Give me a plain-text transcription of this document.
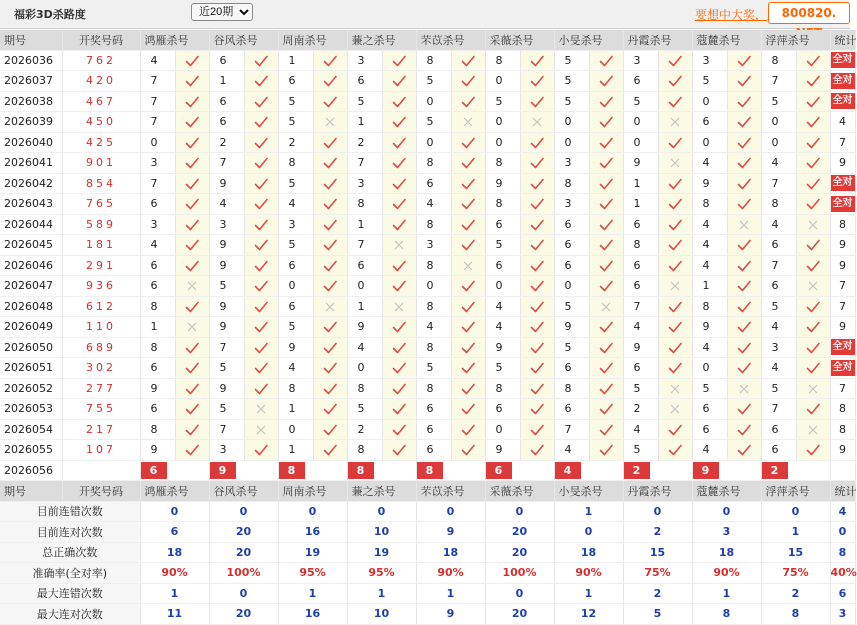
福彩3D杀路度
近20期	要想中大奖，	800820.
期号	开奖号码	鸿雁杀号		谷风杀号		周南杀号		蒹之杀号		芣苡杀号		采薇杀号		小旻杀号		丹霞杀号		蔻麓杀号		浮萍杀号		统计
2026036	762	4		6		1		3		8		8		5		3		3		8		全对
2026037	420	7		1		6		6		5		0		5		6		5		7		全对
2026038	467	7		6		5		5		0		5		5		5		0		5		全对
2026039	450	7		6		5		1		5		0		0		0		6		0		4
2026040	425	0		2		2		2		0		0		0		0		0		0		7
2026041	901	3		7		8		7		8		8		3		9		4		4		9
2026042	854	7		9		5		3		6		9		8		1		9		7		全对
2026043	765	6		4		4		8		4		8		3		1		8		8		全对
2026044	589	3		3		3		1		8		6		6		6		4		4		8
2026045	181	4		9		5		7		3		5		6		8		4		6		9
2026046	291	6		9		6		6		8		6		6		6		4		7		9
2026047	936	6		5		0		0		0		0		0		6		1		6		7
2026048	612	8		9		6		1		8		4		5		7		8		5		7
2026049	110	1		9		5		9		4		4		9		4		9		4		9
2026050	689	8		7		9		4		8		9		5		9		4		3		全对
2026051	302	6		5		4		0		5		5		6		6		0		4		全对
2026052	277	9		9		8		8		8		8		8		5		5		5		7
2026053	755	6		5		1		5		6		6		6		2		6		7		8
2026054	217	8		7		0		2		6		0		7		4		6		6		8
2026055	107	9		3		1		8		6		9		4		5		4		6		9
2026056	当前期杀号	6		9		8		8		8		6		4		2		9		2		
期号	开奖号码	鸿雁杀号		谷风杀号		周南杀号		蒹之杀号		芣苡杀号		采薇杀号		小旻杀号		丹霞杀号		蔻麓杀号		浮萍杀号		统计
目前连错次数		0		0		0		0		0		0		1		0		0		0		4
目前连对次数		6		20		16		10		9		20		0		2		3		1		0
总正确次数		18		20		19		19		18		20		18		15		18		15		8
准确率(全对率)		90%		100%		95%		95%		90%		100%		90%		75%		90%		75%		40%
最大连错次数		1		0		1		1		1		0		1		2		1		2		6
最大连对次数		11		20		16		10		9		20		12		5		8		8		3
